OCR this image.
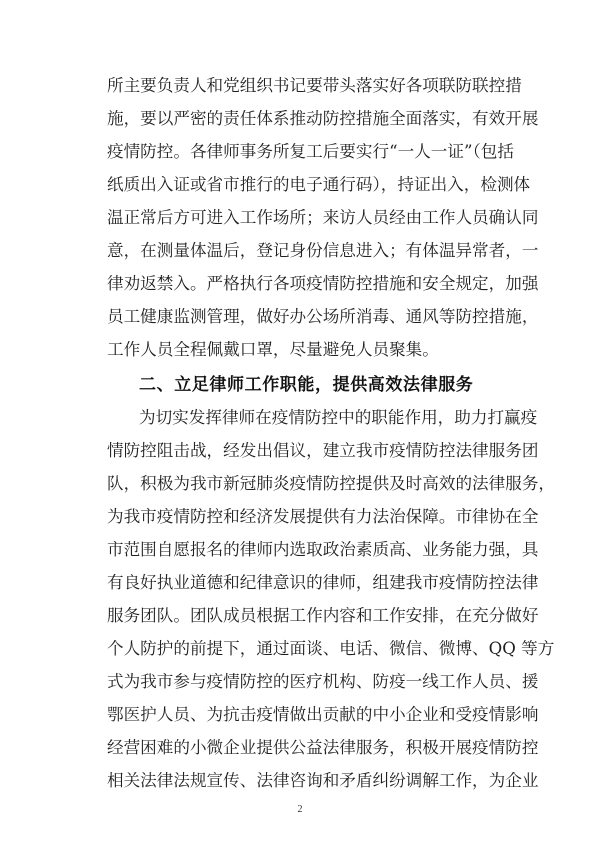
所主要负责人和党组织书记要带头落实好各项联防联控措
施，要以严密的责任体系推动防控措施全面落实，有效开展
疫情防控。各律师事务所复工后要实行“一人一证”（包括
纸质出入证或省市推行的电子通行码），持证出入，检测体
温正常后方可进入工作场所；来访人员经由工作人员确认同
意，在测量体温后，登记身份信息进入；有体温异常者，一
律劝返禁入。严格执行各项疫情防控措施和安全规定，加强
员工健康监测管理，做好办公场所消毒、通风等防控措施，
工作人员全程佩戴口罩，尽量避免人员聚集。
二、立足律师工作职能，提供高效法律服务
为切实发挥律师在疫情防控中的职能作用，助力打赢疫
情防控阻击战，经发出倡议，建立我市疫情防控法律服务团
队，积极为我市新冠肺炎疫情防控提供及时高效的法律服务，
为我市疫情防控和经济发展提供有力法治保障。市律协在全
市范围自愿报名的律师内选取政治素质高、业务能力强，具
有良好执业道德和纪律意识的律师，组建我市疫情防控法律
服务团队。团队成员根据工作内容和工作安排，在充分做好
个人防护的前提下，通过面谈、电话、微信、微博、QQ 等方
式为我市参与疫情防控的医疗机构、防疫一线工作人员、援
鄂医护人员、为抗击疫情做出贡献的中小企业和受疫情影响
经营困难的小微企业提供公益法律服务，积极开展疫情防控
相关法律法规宣传、法律咨询和矛盾纠纷调解工作，为企业
2
